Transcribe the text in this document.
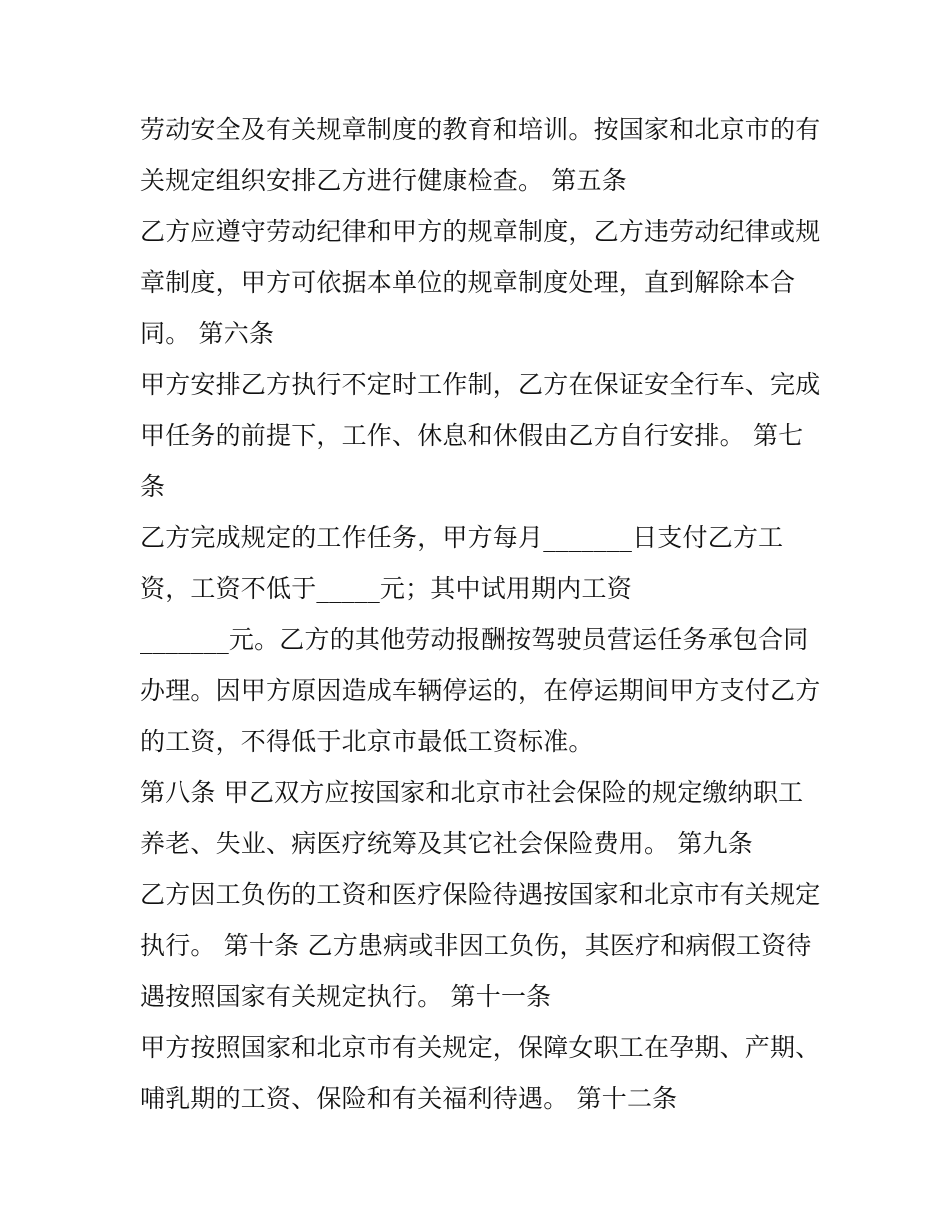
劳动安全及有关规章制度的教育和培训。按国家和北京市的有
关规定组织安排乙方进行健康检查。 第五条
乙方应遵守劳动纪律和甲方的规章制度，乙方违劳动纪律或规
章制度，甲方可依据本单位的规章制度处理，直到解除本合
同。 第六条
甲方安排乙方执行不定时工作制，乙方在保证安全行车、完成
甲任务的前提下，工作、休息和休假由乙方自行安排。 第七
条
乙方完成规定的工作任务，甲方每月_______日支付乙方工
资，工资不低于_____元；其中试用期内工资
_______元。乙方的其他劳动报酬按驾驶员营运任务承包合同
办理。因甲方原因造成车辆停运的，在停运期间甲方支付乙方
的工资，不得低于北京市最低工资标准。
第八条 甲乙双方应按国家和北京市社会保险的规定缴纳职工
养老、失业、病医疗统筹及其它社会保险费用。 第九条
乙方因工负伤的工资和医疗保险待遇按国家和北京市有关规定
执行。 第十条 乙方患病或非因工负伤，其医疗和病假工资待
遇按照国家有关规定执行。 第十一条
甲方按照国家和北京市有关规定，保障女职工在孕期、产期、
哺乳期的工资、保险和有关福利待遇。 第十二条
